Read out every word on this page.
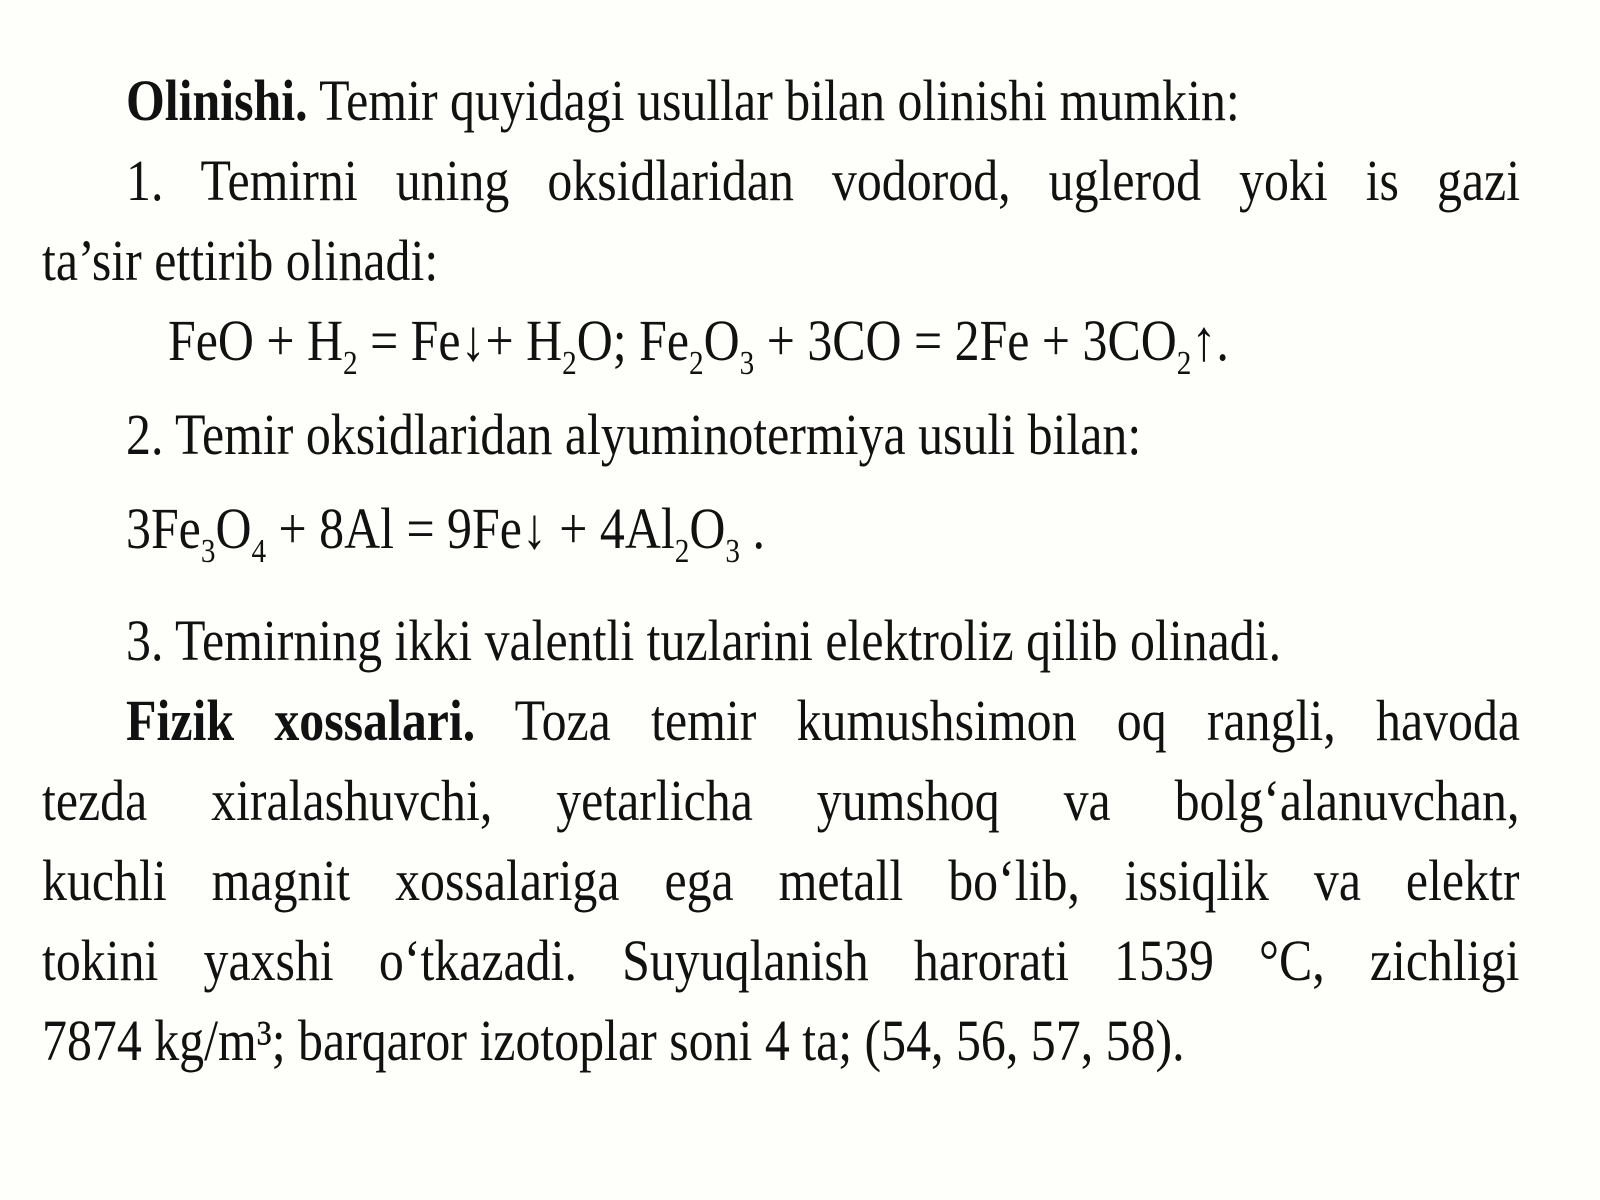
Olinishi. Temir quyidagi usullar bilan olinishi mumkin:
1. Temirni uning oksidlaridan vodorod, uglerod yoki is gazi
ta’sir ettirib olinadi:
FeO + $H_2$ = Fe↓+ $H_2O$; $Fe_2O_3 + 3CO = 2Fe$ + $3CO_2↑$.
2. Temir oksidlaridan alyuminotermiya usuli bilan:
$3Fe_3O_4 + 8Al$ = 9Fe↓ + $4Al_2O_3$ .
3. Temirning ikki valentli tuzlarini elektroliz qilib olinadi.
Fizik xossalari. Toza temir kumushsimon oq rangli, havoda
tezda xiralashuvchi, yetarlicha yumshoq va bolg‘alanuvchan,
kuchli magnit xossalariga ega metall bo‘lib, issiqlik va elektr
tokini yaxshi o‘tkazadi. Suyuqlanish harorati 1539 °C, zichligi
7874 kg/m³; barqaror izotoplar soni 4 ta; (54, 56, 57, 58).
